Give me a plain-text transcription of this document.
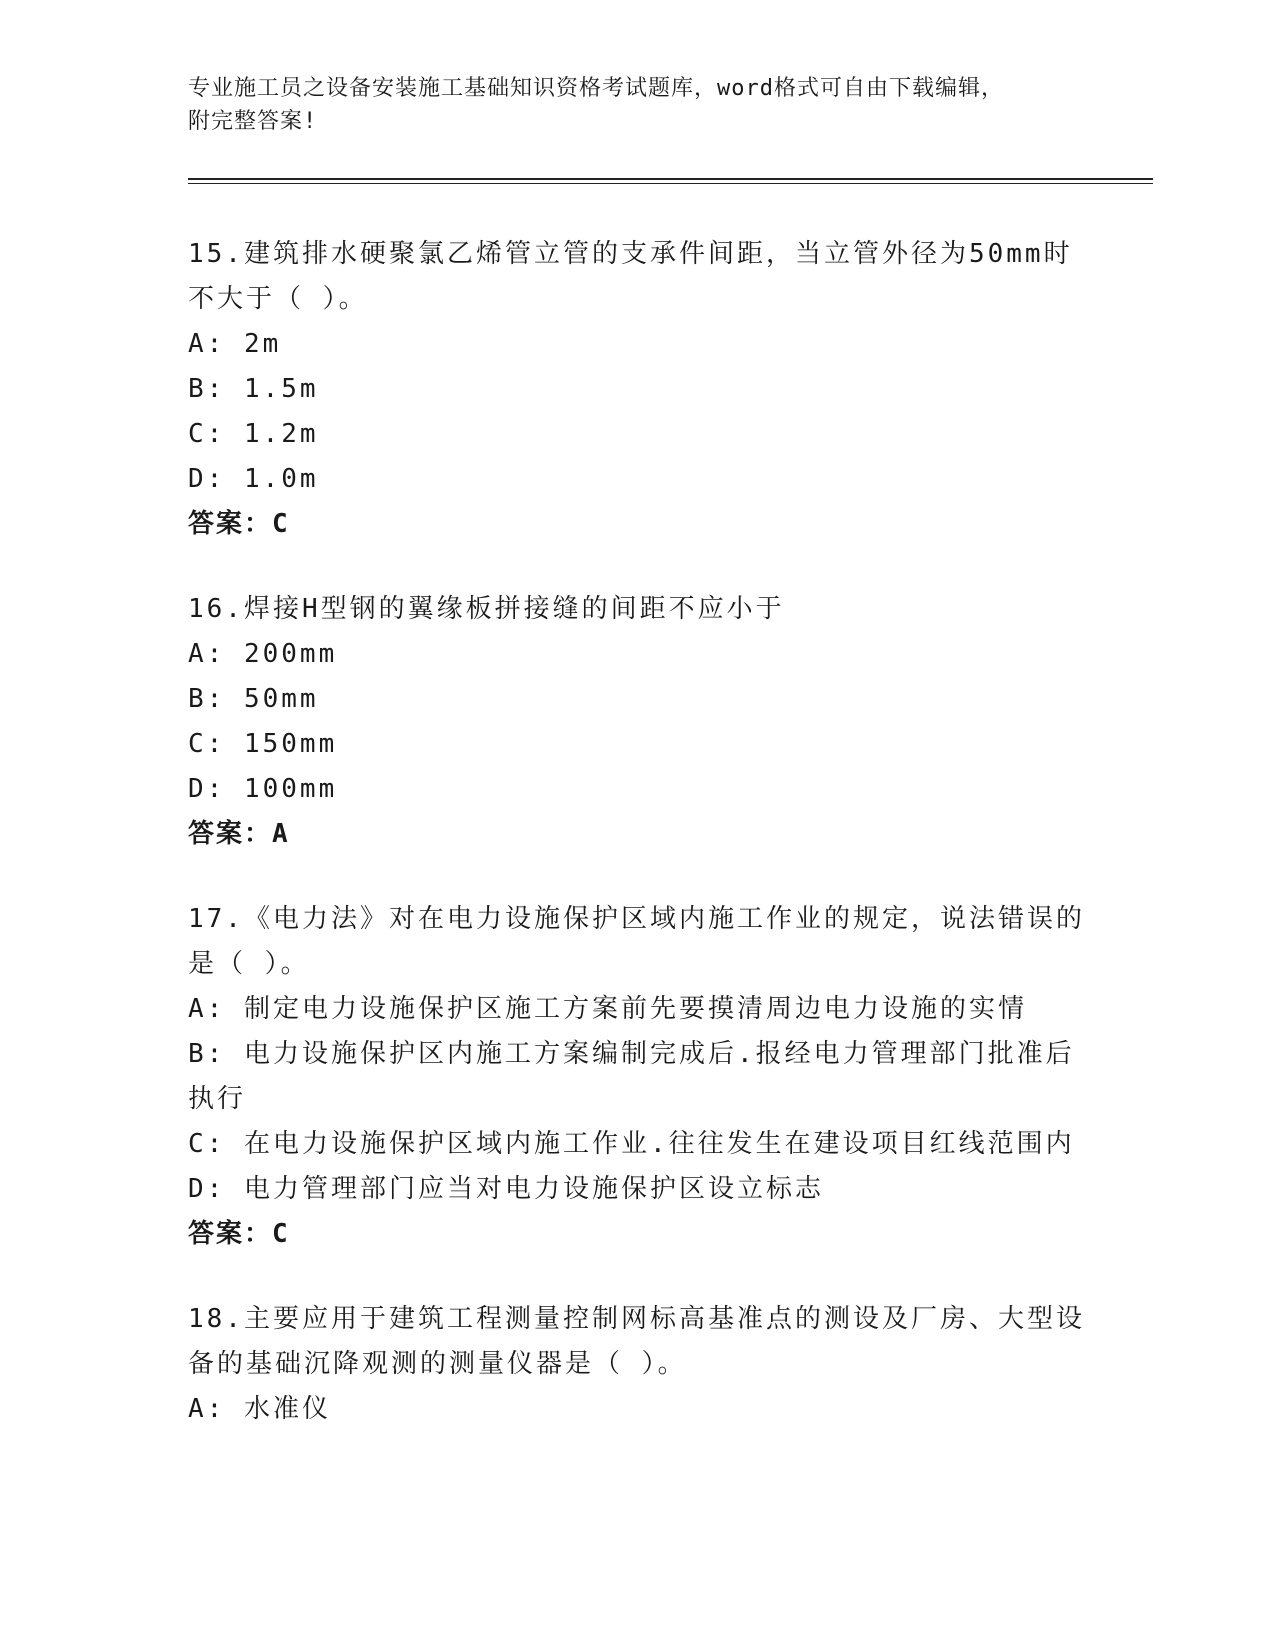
专业施工员之设备安装施工基础知识资格考试题库，word格式可自由下载编辑，
附完整答案!

15.建筑排水硬聚氯乙烯管立管的支承件间距，当立管外径为50mm时

不大于（ ）。

A: 2m

B: 1.5m

C: 1.2m

D: 1.0m

答案：C

16.焊接H型钢的翼缘板拼接缝的间距不应小于

A: 200mm

B: 50mm

C: 150mm

D: 100mm

答案：A

17.《电力法》对在电力设施保护区域内施工作业的规定，说法错误的

是（ ）。

A: 制定电力设施保护区施工方案前先要摸清周边电力设施的实情

B: 电力设施保护区内施工方案编制完成后.报经电力管理部门批准后执行

C: 在电力设施保护区域内施工作业.往往发生在建设项目红线范围内

D: 电力管理部门应当对电力设施保护区设立标志

答案：C

18.主要应用于建筑工程测量控制网标高基准点的测设及厂房、大型设

备的基础沉降观测的测量仪器是（ ）。

A: 水准仪
